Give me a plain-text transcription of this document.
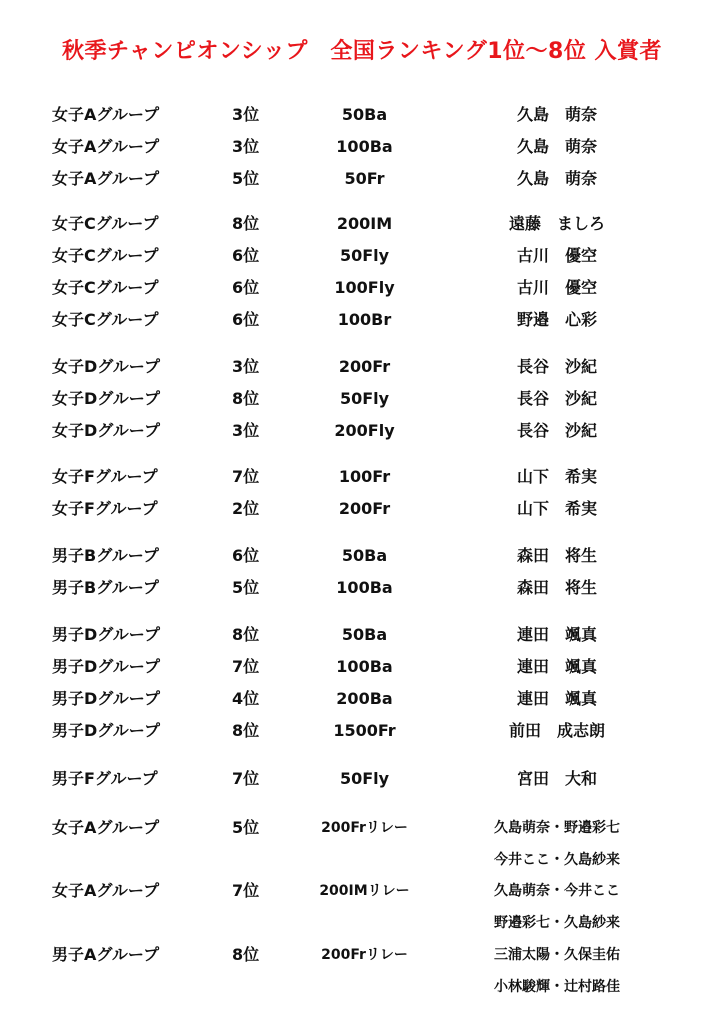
秋季チャンピオンシップ　全国ランキング1位～8位 入賞者
女子Aグループ	3位	50Ba	久島　萌奈
女子Aグループ	3位	100Ba	久島　萌奈
女子Aグループ	5位	50Fr	久島　萌奈
女子Cグループ	8位	200IM	遠藤　ましろ
女子Cグループ	6位	50Fly	古川　優空
女子Cグループ	6位	100Fly	古川　優空
女子Cグループ	6位	100Br	野邉　心彩
女子Dグループ	3位	200Fr	長谷　沙紀
女子Dグループ	8位	50Fly	長谷　沙紀
女子Dグループ	3位	200Fly	長谷　沙紀
女子Fグループ	7位	100Fr	山下　希実
女子Fグループ	2位	200Fr	山下　希実
男子Bグループ	6位	50Ba	森田　将生
男子Bグループ	5位	100Ba	森田　将生
男子Dグループ	8位	50Ba	連田　颯真
男子Dグループ	7位	100Ba	連田　颯真
男子Dグループ	4位	200Ba	連田　颯真
男子Dグループ	8位	1500Fr	前田　成志朗
男子Fグループ	7位	50Fly	宮田　大和
女子Aグループ	5位	200Frリレー	久島萌奈・野邉彩七
今井ここ・久島紗来
女子Aグループ	7位	200IMリレー	久島萌奈・今井ここ
野邉彩七・久島紗来
男子Aグループ	8位	200Frリレー	三浦太陽・久保圭佑
小林駿輝・辻村路佳
